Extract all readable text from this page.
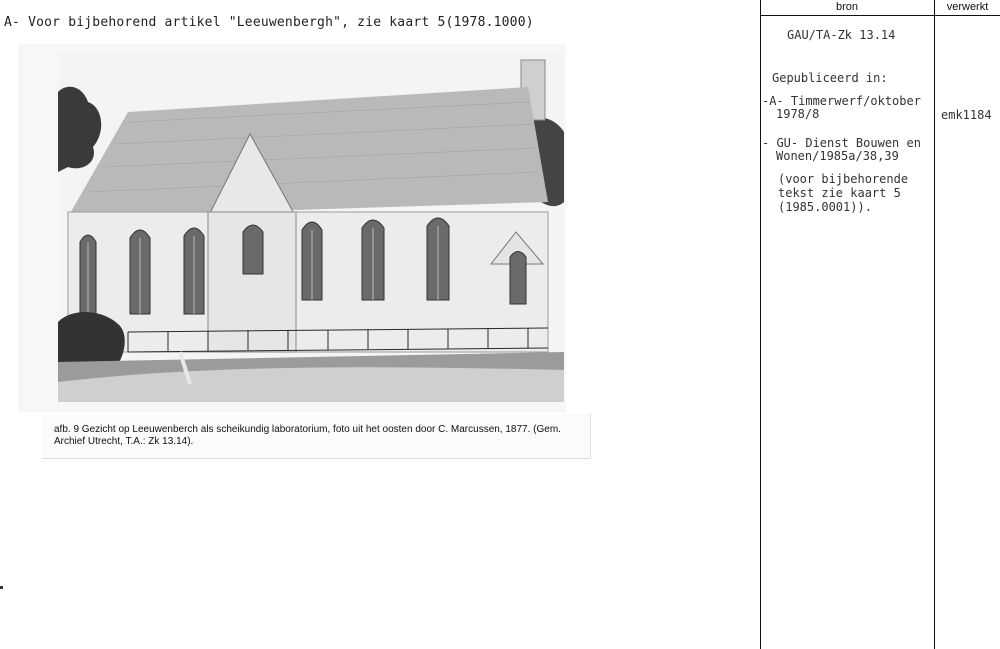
A- Voor bijbehorend artikel "Leeuwenbergh", zie kaart 5(1978.1000)
afb. 9 Gezicht op Leeuwenberch als scheikundig laboratorium, foto uit het oosten door C. Marcussen, 1877. (Gem. Archief Utrecht, T.A.: Zk 13.14).
bron	verwerkt
GAU/TA-Zk 13.14
Gepubliceerd in:
-A- Timmerwerf/oktober
1978/8	emk1184
- GU- Dienst Bouwen en
Wonen/1985a/38,39
(voor bijbehorende
tekst zie kaart 5
(1985.0001)).
